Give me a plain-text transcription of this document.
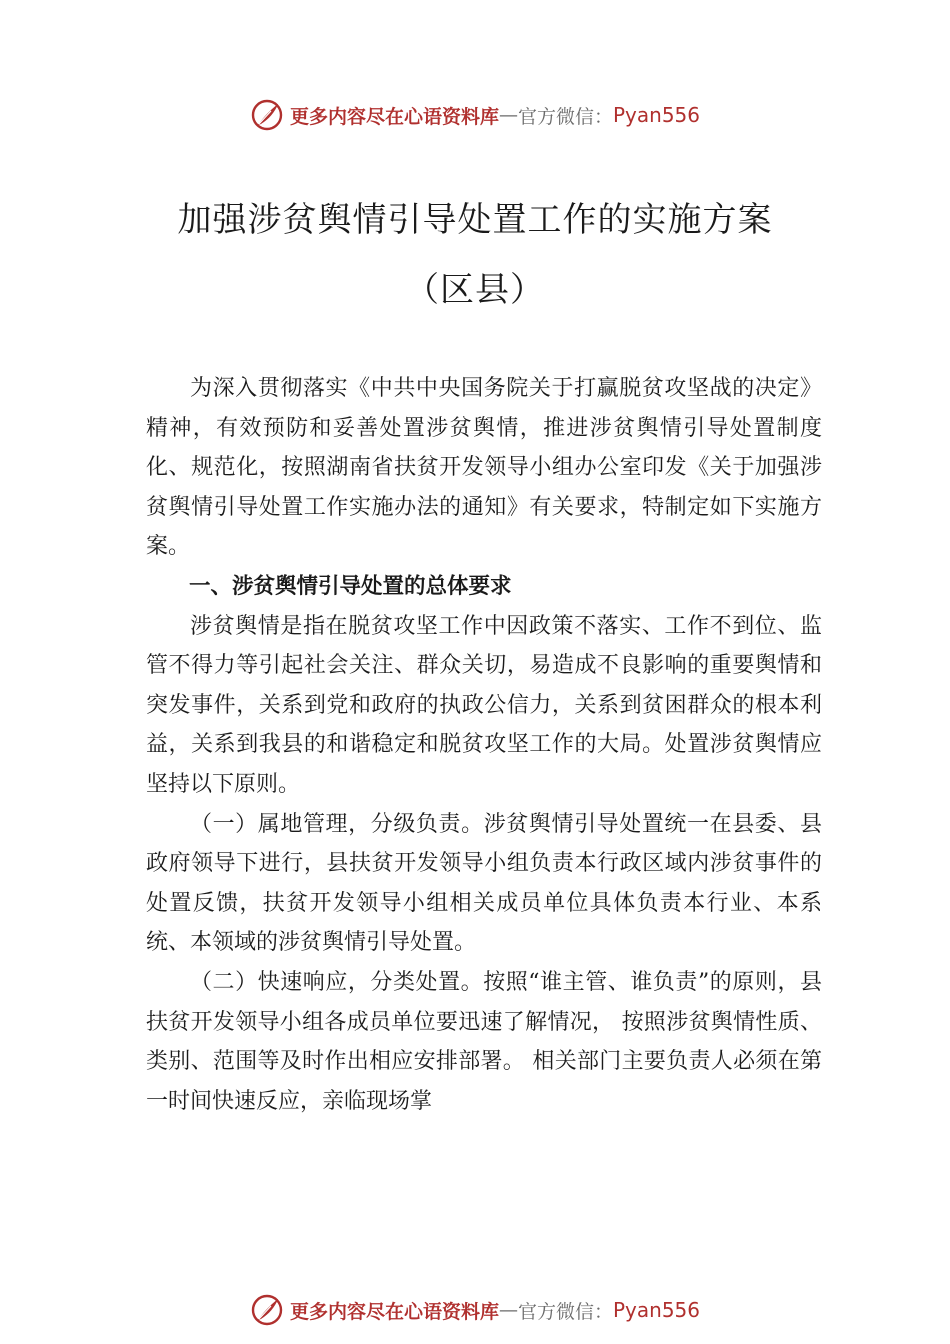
更多内容尽在心语资料库 — 官方微信： Pyan556
加强涉贫舆情引导处置工作的实施方案
（区县）

为深入贯彻落实《中共中央国务院关于打赢脱贫攻坚战的决定》精神，有效预防和妥善处置涉贫舆情，推进涉贫舆情引导处置制度化、规范化，按照湖南省扶贫开发领导小组办公室印发《关于加强涉贫舆情引导处置工作实施办法的通知》有关要求，特制定如下实施方案。

一、涉贫舆情引导处置的总体要求

涉贫舆情是指在脱贫攻坚工作中因政策不落实、工作不到位、监管不得力等引起社会关注、群众关切，易造成不良影响的重要舆情和突发事件，关系到党和政府的执政公信力，关系到贫困群众的根本利益，关系到我县的和谐稳定和脱贫攻坚工作的大局。处置涉贫舆情应坚持以下原则。

（一）属地管理，分级负责。涉贫舆情引导处置统一在县委、县政府领导下进行，县扶贫开发领导小组负责本行政区域内涉贫事件的处置反馈，扶贫开发领导小组相关成员单位具体负责本行业、本系统、本领域的涉贫舆情引导处置。

（二）快速响应，分类处置。按照“谁主管、谁负责”的原则，县扶贫开发领导小组各成员单位要迅速了解情况， 按照涉贫舆情性质、类别、范围等及时作出相应安排部署。 相关部门主要负责人必须在第一时间快速反应，亲临现场掌

更多内容尽在心语资料库 — 官方微信： Pyan556
